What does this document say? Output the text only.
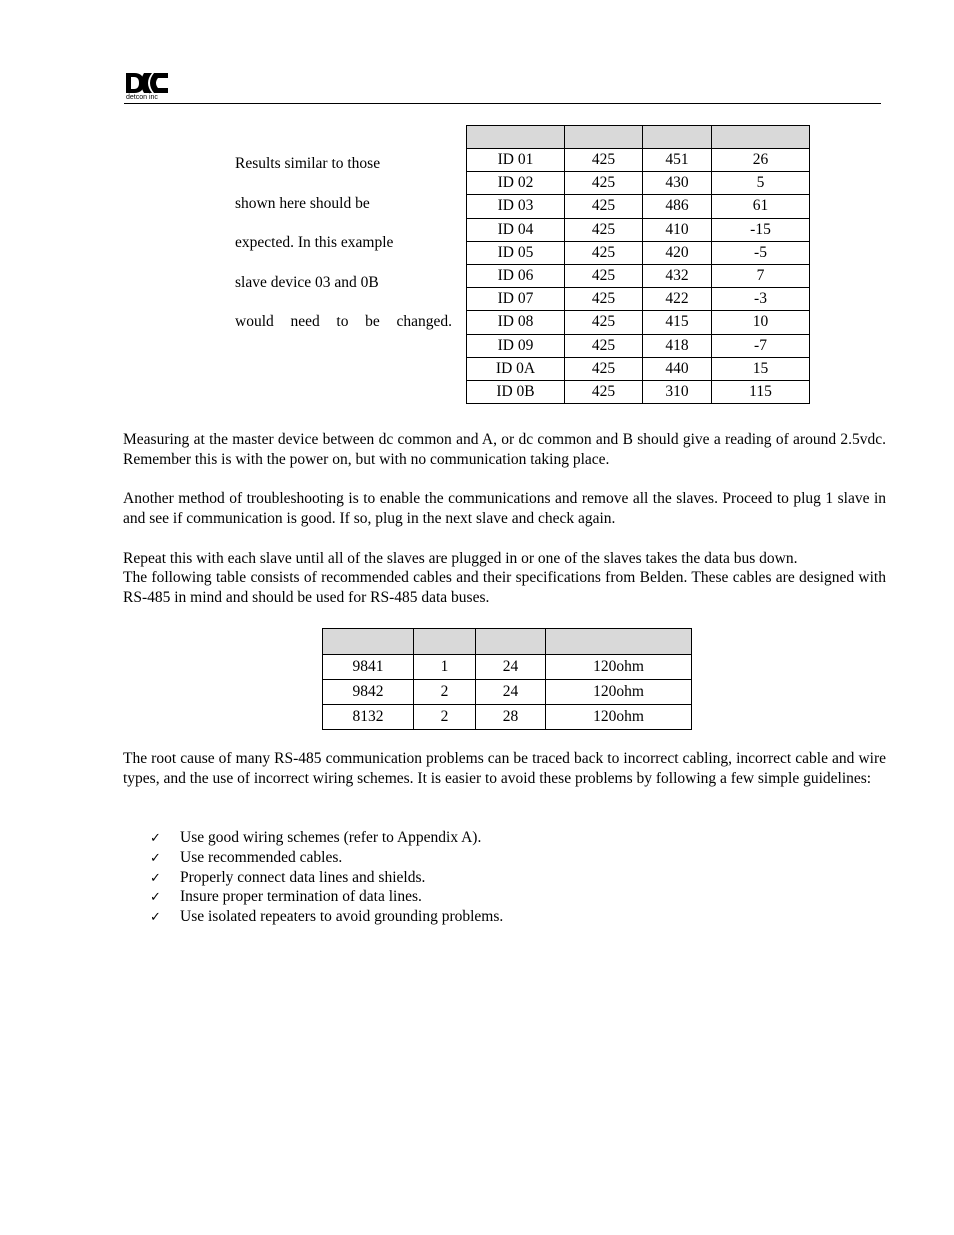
detcon inc

Results similar to those

shown here should be

expected. In this example

slave device 03 and 0B

would need to be changed.

ID 01	425	451	26
ID 02	425	430	5
ID 03	425	486	61
ID 04	425	410	-15
ID 05	425	420	-5
ID 06	425	432	7
ID 07	425	422	-3
ID 08	425	415	10
ID 09	425	418	-7
ID 0A	425	440	15
ID 0B	425	310	115

Measuring at the master device between dc common and A, or dc common and B should give a reading of around 2.5vdc. Remember this is with the power on, but with no communication taking place.

Another method of troubleshooting is to enable the communications and remove all the slaves. Proceed to plug 1 slave in and see if communication is good. If so, plug in the next slave and check again.

Repeat this with each slave until all of the slaves are plugged in or one of the slaves takes the data bus down.

The following table consists of recommended cables and their specifications from Belden. These cables are designed with RS-485 in mind and should be used for RS-485 data buses.

9841	1	24	120ohm
9842	2	24	120ohm
8132	2	28	120ohm

The root cause of many RS-485 communication problems can be traced back to incorrect cabling, incorrect cable and wire types, and the use of incorrect wiring schemes. It is easier to avoid these problems by following a few simple guidelines:

✓ Use good wiring schemes (refer to Appendix A).
✓ Use recommended cables.
✓ Properly connect data lines and shields.
✓ Insure proper termination of data lines.
✓ Use isolated repeaters to avoid grounding problems.
